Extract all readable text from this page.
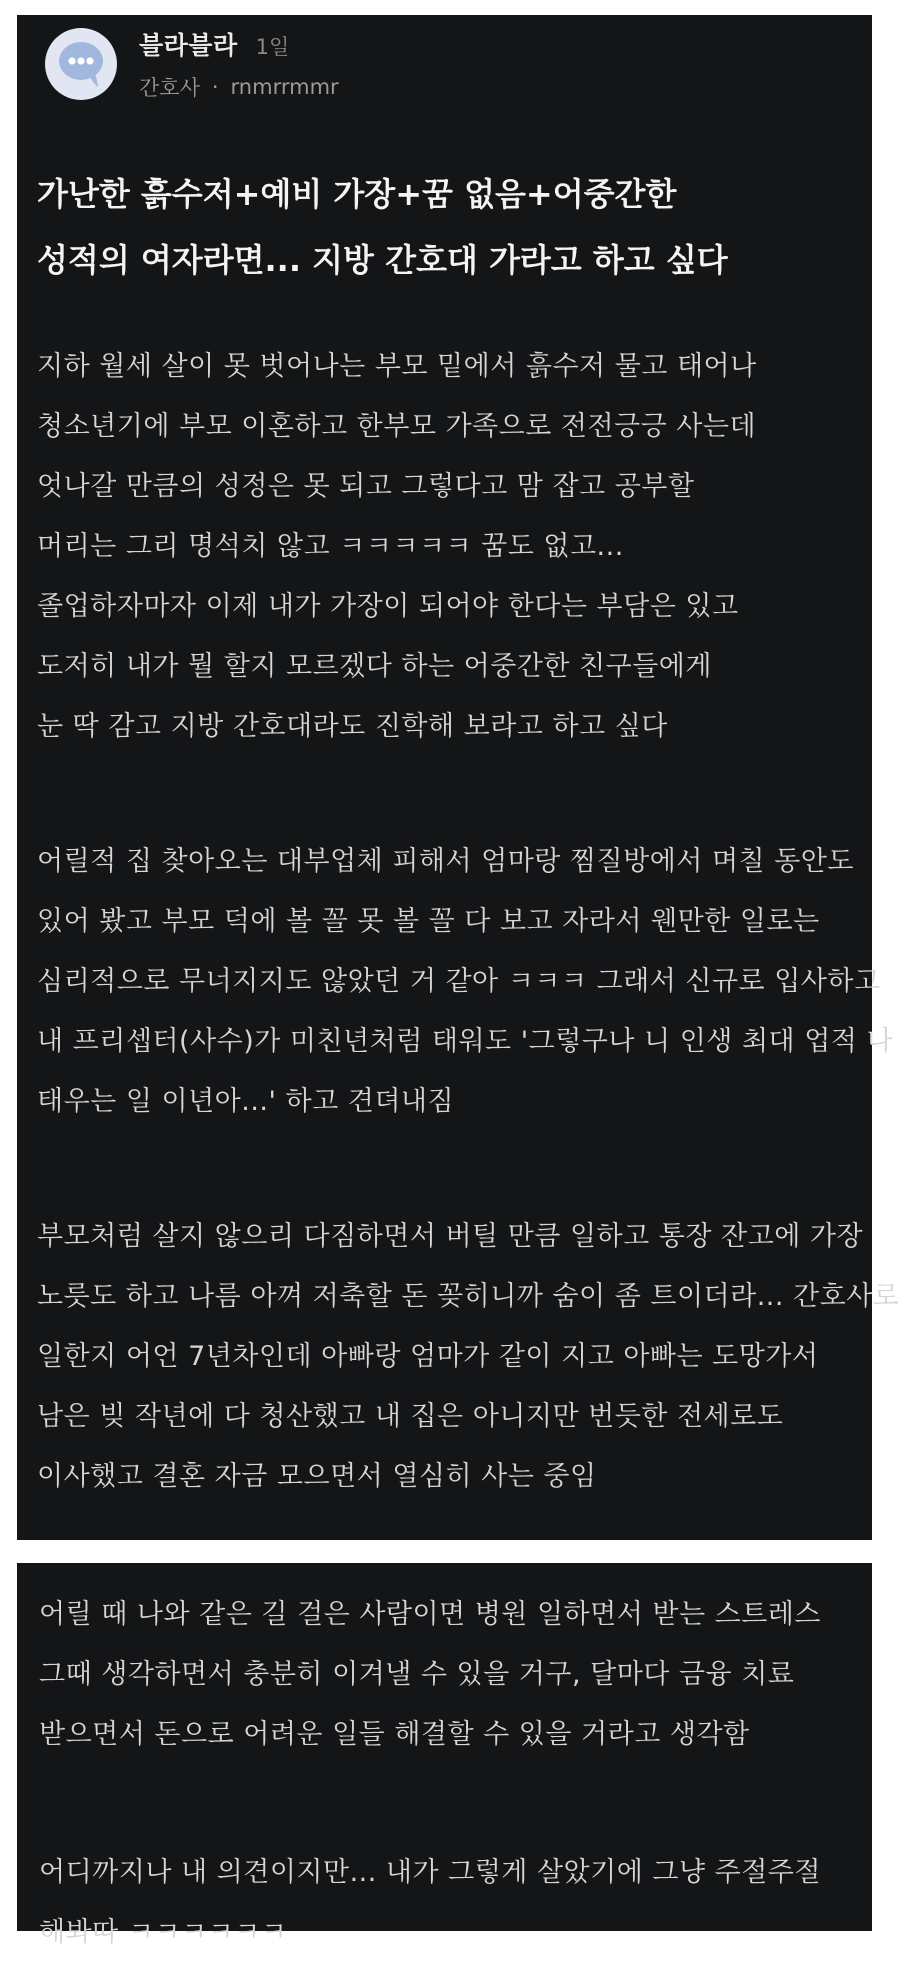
블라블라 1일
간호사 · rnmrrmmr
가난한 흙수저+예비 가장+꿈 없음+어중간한
성적의 여자라면... 지방 간호대 가라고 하고 싶다
지하 월세 살이 못 벗어나는 부모 밑에서 흙수저 물고 태어나
청소년기에 부모 이혼하고 한부모 가족으로 전전긍긍 사는데
엇나갈 만큼의 성정은 못 되고 그렇다고 맘 잡고 공부할
머리는 그리 명석치 않고 ㅋㅋㅋㅋㅋ 꿈도 없고...
졸업하자마자 이제 내가 가장이 되어야 한다는 부담은 있고
도저히 내가 뭘 할지 모르겠다 하는 어중간한 친구들에게
눈 딱 감고 지방 간호대라도 진학해 보라고 하고 싶다
어릴적 집 찾아오는 대부업체 피해서 엄마랑 찜질방에서 며칠 동안도
있어 봤고 부모 덕에 볼 꼴 못 볼 꼴 다 보고 자라서 웬만한 일로는
심리적으로 무너지지도 않았던 거 같아 ㅋㅋㅋ 그래서 신규로 입사하고
내 프리셉터(사수)가 미친년처럼 태워도 '그렇구나 니 인생 최대 업적 나
태우는 일 이년아...' 하고 견뎌내짐
부모처럼 살지 않으리 다짐하면서 버틸 만큼 일하고 통장 잔고에 가장
노릇도 하고 나름 아껴 저축할 돈 꽂히니까 숨이 좀 트이더라... 간호사로
일한지 어언 7년차인데 아빠랑 엄마가 같이 지고 아빠는 도망가서
남은 빚 작년에 다 청산했고 내 집은 아니지만 번듯한 전세로도
이사했고 결혼 자금 모으면서 열심히 사는 중임
어릴 때 나와 같은 길 걸은 사람이면 병원 일하면서 받는 스트레스
그때 생각하면서 충분히 이겨낼 수 있을 거구, 달마다 금융 치료
받으면서 돈으로 어려운 일들 해결할 수 있을 거라고 생각함
어디까지나 내 의견이지만... 내가 그렇게 살았기에 그냥 주절주절
해봐따 ㅋㅋㅋㅋㅋㅋ
